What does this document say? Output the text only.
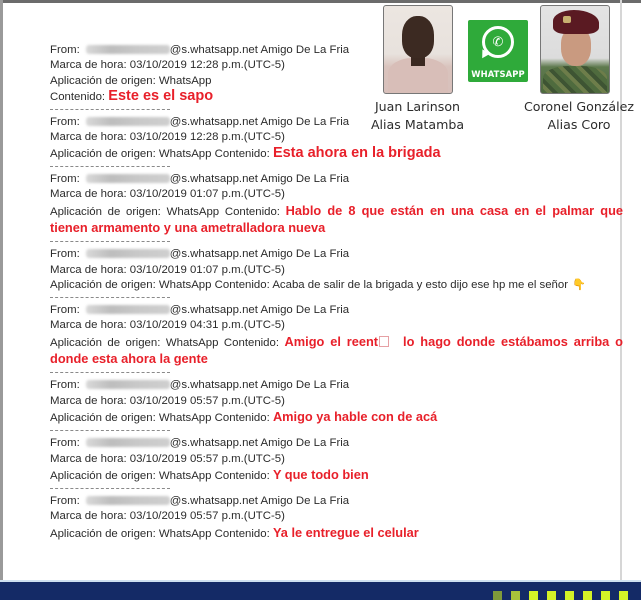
✆
WHATSAPP
Juan Larinson
Alias Matamba
Coronel González
Alias Coro
From:	@s.whatsapp.net Amigo De La Fria
Marca de hora: 03/10/2019 12:28 p.m.(UTC-5)
Aplicación de origen: WhatsApp
Contenido: Este es el sapo
From:	@s.whatsapp.net Amigo De La Fria
Marca de hora: 03/10/2019 12:28 p.m.(UTC-5)
Aplicación de origen: WhatsApp Contenido: Esta ahora en la brigada
From:	@s.whatsapp.net Amigo De La Fria
Marca de hora: 03/10/2019 01:07 p.m.(UTC-5)
Aplicación de origen: WhatsApp Contenido: Hablo de 8 que están en una casa en el palmar que tienen armamento y una ametralladora nueva
From:	@s.whatsapp.net Amigo De La Fria
Marca de hora: 03/10/2019 01:07 p.m.(UTC-5)
Aplicación de origen: WhatsApp Contenido: Acaba de salir de la brigada y esto dijo ese hp me el señor 👇
From:	@s.whatsapp.net Amigo De La Fria
Marca de hora: 03/10/2019 04:31 p.m.(UTC-5)
Aplicación de origen: WhatsApp Contenido: Amigo el reent lo hago donde estábamos arriba o donde esta ahora la gente
From:	@s.whatsapp.net Amigo De La Fria
Marca de hora: 03/10/2019 05:57 p.m.(UTC-5)
Aplicación de origen: WhatsApp Contenido: Amigo ya hable con de acá
From:	@s.whatsapp.net Amigo De La Fria
Marca de hora: 03/10/2019 05:57 p.m.(UTC-5)
Aplicación de origen: WhatsApp Contenido: Y que todo bien
From:	@s.whatsapp.net Amigo De La Fria
Marca de hora: 03/10/2019 05:57 p.m.(UTC-5)
Aplicación de origen: WhatsApp Contenido: Ya le entregue el celular
